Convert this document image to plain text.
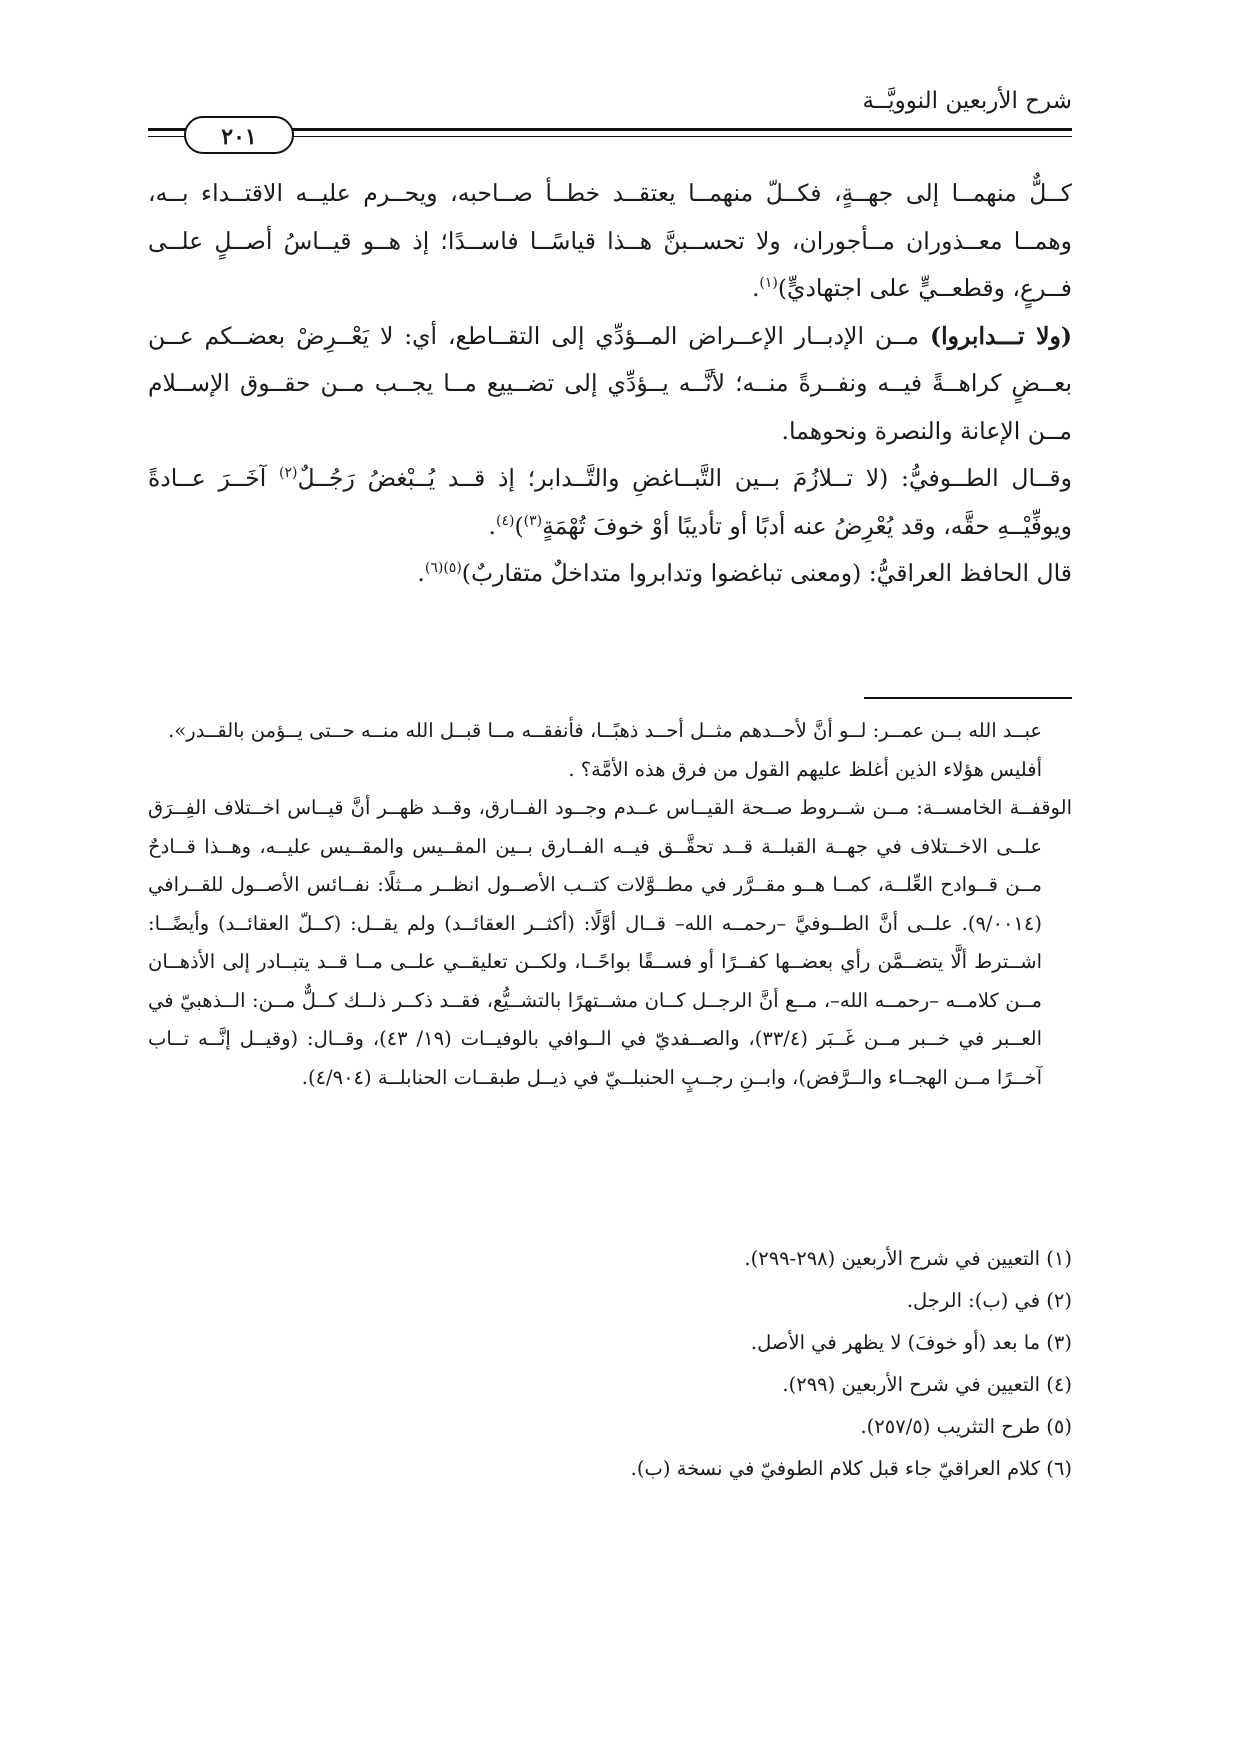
شرح الأربعين النوويَّــة
٢٠١

كــلٌّ منهمــا إلى جهــةٍ، فكــلّ منهمــا يعتقــد خطــأ صــاحبه، ويحــرم عليــه الاقتــداء بــه، وهمــا معــذوران مــأجوران، ولا تحســبنَّ هــذا قياسًــا فاســدًا؛ إذ هــو قيــاسُ أصــلٍ علــى فــرعٍ، وقطعــيٍّ على اجتهاديٍّ)$^{(١)}$.

(ولا تـــدابروا) مــن الإدبــار الإعــراض المــؤدِّي إلى التقــاطع، أي: لا يَعْــرِضْ بعضــكم عــن بعــضٍ كراهــةً فيــه ونفــرةً منــه؛ لأنَّــه يــؤدِّي إلى تضــييع مــا يجــب مــن حقــوق الإســلام مــن الإعانة والنصرة ونحوهما.

وقــال الطــوفيُّ: (لا تــلازُمَ بــين التَّبــاغضِ والتَّــدابر؛ إذ قــد يُــبْغضُ رَجُــلٌ$^{(٢)}$ آخَــرَ عــادةً ويوفِّيْــهِ حقَّه، وقد يُعْرِضُ عنه أدبًا أو تأديبًا أوْ خوفَ تُهْمَةٍ$^{(٣)}$)$^{(٤)}$.

قال الحافظ العراقيُّ: (ومعنى تباغضوا وتدابروا متداخلٌ متقاربٌ)$^{(٥)(٦)}$.

عبــد الله بــن عمــر: لــو أنَّ لأحــدهم مثــل أحــد ذهبًــا، فأنفقــه مــا قبــل الله منــه حــتى يــؤمن بالقــدر».

أفليس هؤلاء الذين أغلظ عليهم القول من فرق هذه الأمَّة؟ .

الوقفــة الخامســة: مــن شــروط صــحة القيــاس عــدم وجــود الفــارق، وقــد ظهــر أنَّ قيــاس اخــتلاف الفِــرَق علــى الاخــتلاف في جهــة القبلــة قــد تحقَّــق فيــه الفــارق بــين المقــيس والمقــيس عليــه، وهــذا قــادحٌ مــن قــوادح العِّلــة، كمــا هــو مقــرَّر في مطــوَّلات كتــب الأصــول انظــر مــثلًا: نفــائس الأصــول للقــرافي (٩/٠٠١٤). علــى أنَّ الطــوفيَّ –رحمــه الله– قــال أوَّلًا: (أكثــر العقائــد) ولم يقــل: (كــلّ العقائــد) وأيضًــا: اشــترط ألَّا يتضــمَّن رأي بعضــها كفــرًا أو فســقًا بواحًــا، ولكــن تعليقــي علــى مــا قــد يتبــادر إلى الأذهــان مــن كلامــه –رحمــه الله–، مــع أنَّ الرجــل كــان مشــتهرًا بالتشــيُّع، فقــد ذكــر ذلــك كــلٌّ مــن: الــذهبيّ في العــبر في خــبر مــن غَــبَر (٣٣/٤)، والصــفديّ في الــوافي بالوفيــات (١٩/ ٤٣)، وقــال: (وقيــل إنَّــه تــاب آخــرًا مــن الهجــاء والــرَّفض)، وابــنِ رجــبٍ الحنبلــيّ في ذيــل طبقــات الحنابلــة (٤/٩٠٤).

(١) التعيين في شرح الأربعين (٢٩٨-٢٩٩).

(٢) في (ب): الرجل.

(٣) ما بعد (أو خوفَ) لا يظهر في الأصل.

(٤) التعيين في شرح الأربعين (٢٩٩).

(٥) طرح التثريب (٢٥٧/٥).

(٦) كلام العراقيّ جاء قبل كلام الطوفيّ في نسخة (ب).
